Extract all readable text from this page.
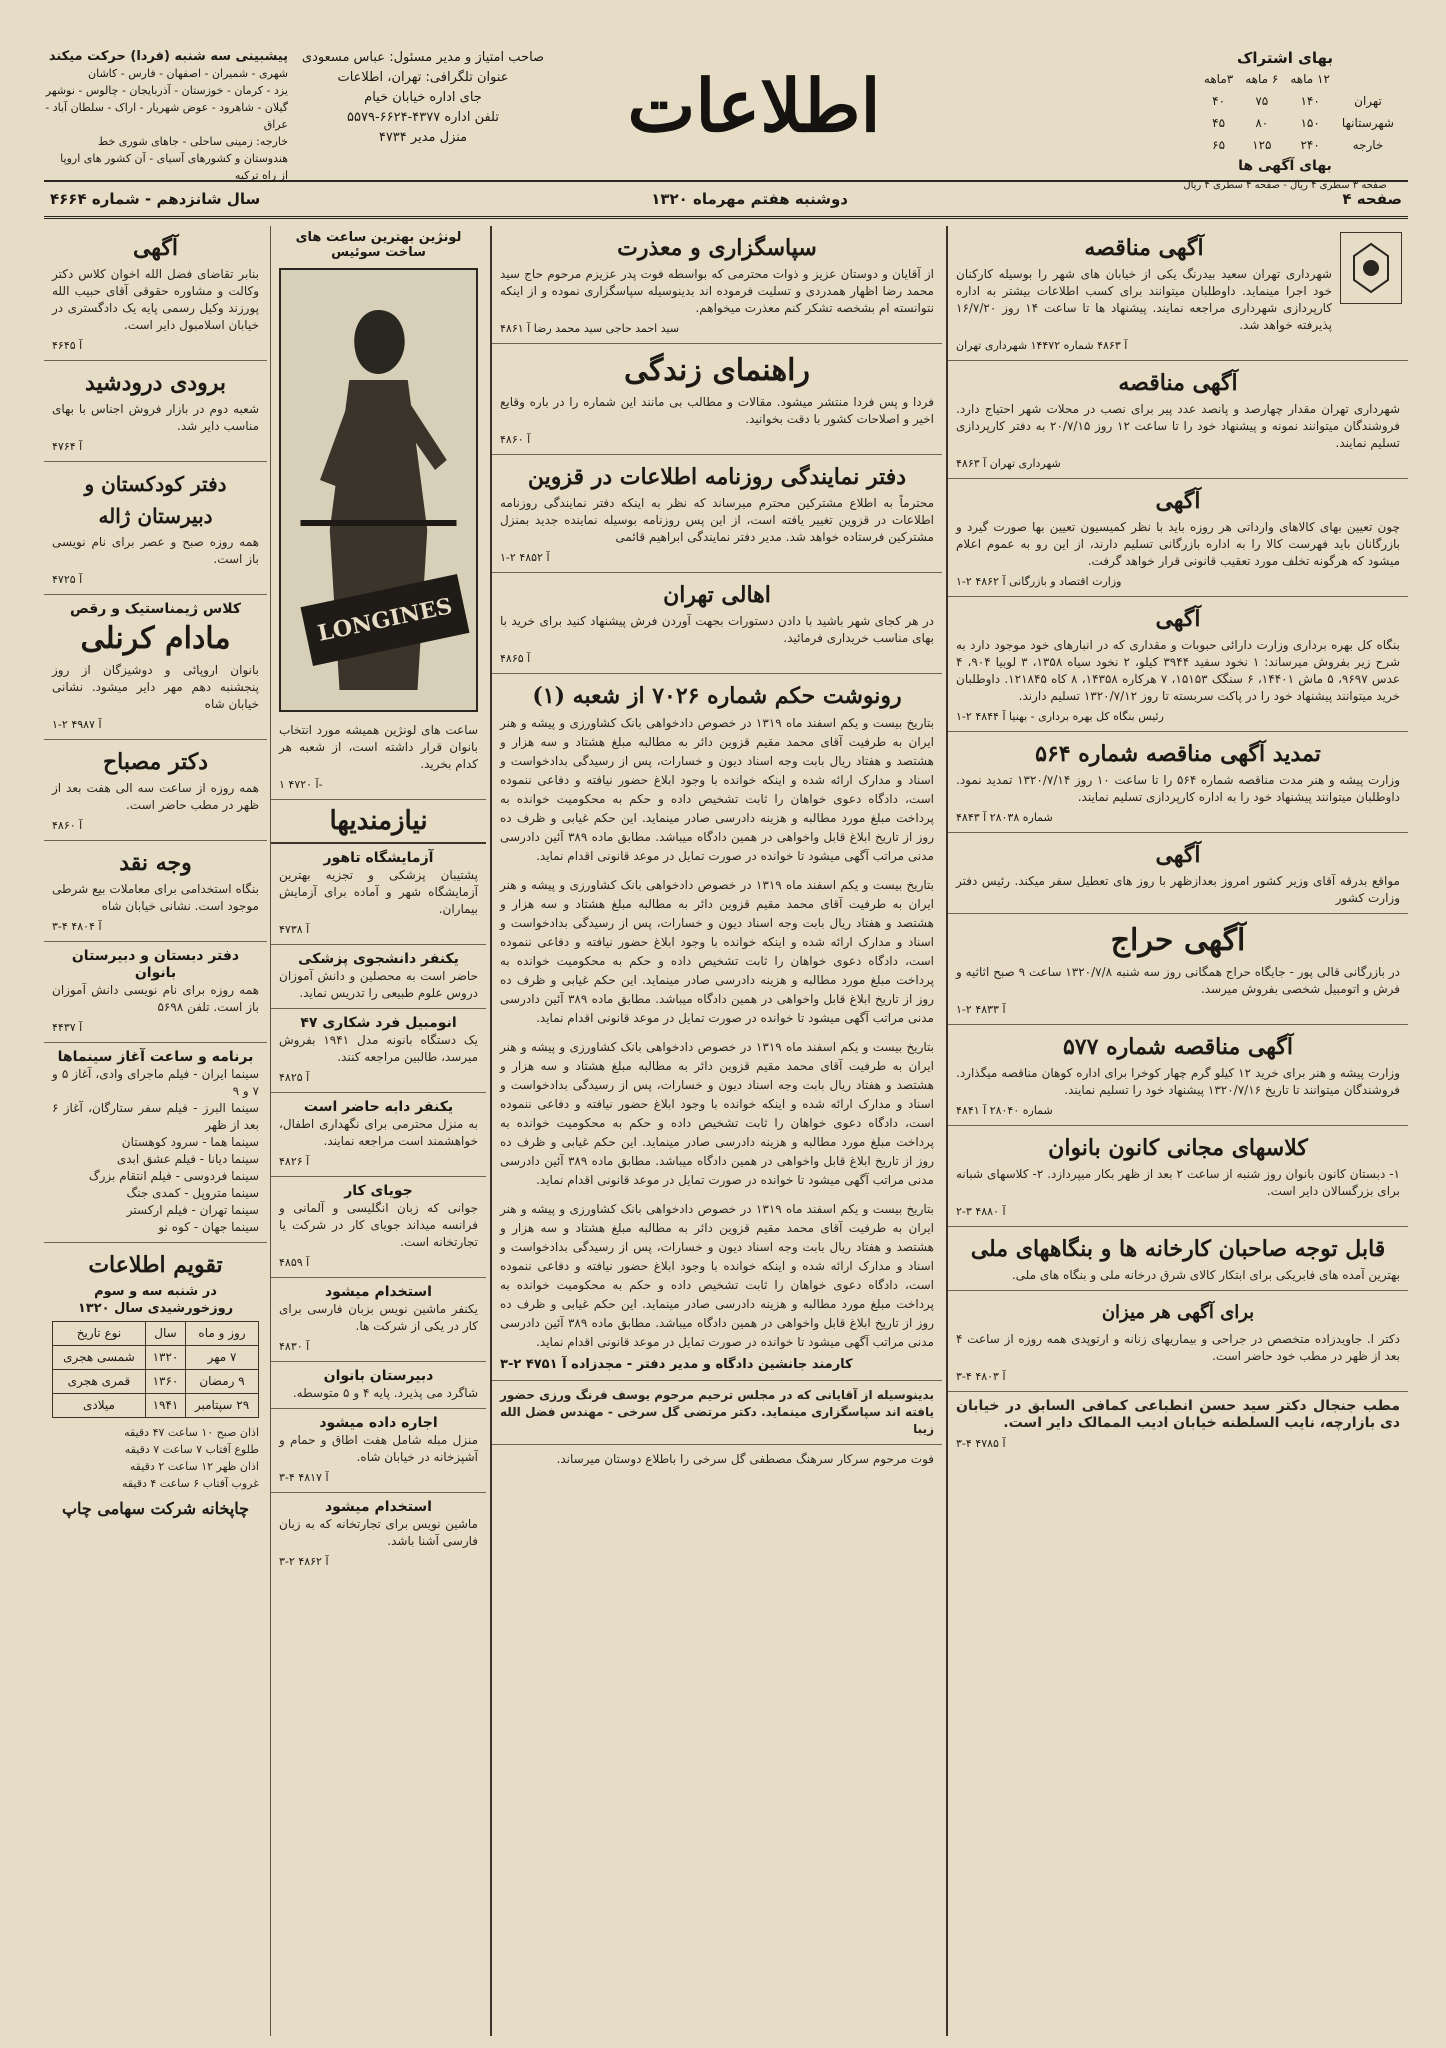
بهای اشتراک
	۱۲ ماهه	۶ ماهه	۳ماهه
تهران	۱۴۰	۷۵	۴۰
شهرستانها	۱۵۰	۸۰	۴۵
خارجه	۲۴۰	۱۲۵	۶۵
بهای آگهی ها
صفحه ۳ سطری ۴ ریال - صفحه ۴ سطری ۴ ریال
اطلاعات
صاحب امتیاز و مدیر مسئول: عباس مسعودی
عنوان تلگرافی: تهران، اطلاعات
جای اداره خیابان خیام
تلفن اداره ۴۳۷۷-۶۶۲۴-۵۵۷۹
منزل مدیر ۴۷۳۴
پیشبینی سه شنبه (فردا) حرکت میکند
شهری - شمیران - اصفهان - فارس - کاشان
یزد - کرمان - خوزستان - آذربایجان - چالوس - نوشهر
گیلان - شاهرود - عوض شهریار - اراک - سلطان آباد - عراق
خارجه: زمینی ساحلی - جاهای شوری خط
هندوستان و کشورهای آسیای - آن کشور های اروپا
از راه ترکیه
صفحه ۴
دوشنبه هفتم مهرماه ۱۳۲۰
سال شانزدهم - شماره ۴۶۶۴
آگهی مناقصه
شهرداری تهران سعید بیدرنگ یکی از خیابان های شهر را بوسیله کارکنان خود اجرا مینماید. داوطلبان میتوانند برای کسب اطلاعات بیشتر به اداره کارپردازی شهرداری مراجعه نمایند. پیشنهاد ها تا ساعت ۱۴ روز ۱۶/۷/۲۰ پذیرفته خواهد شد.
آ ۴۸۶۳ شماره ۱۴۴۷۲ شهرداری تهران
آگهی مناقصه
شهرداری تهران مقدار چهارصد و پانصد عدد پیر برای نصب در محلات شهر احتیاج دارد. فروشندگان میتوانند نمونه و پیشنهاد خود را تا ساعت ۱۲ روز ۲۰/۷/۱۵ به دفتر کارپردازی تسلیم نمایند.
شهرداری تهران آ ۴۸۶۳
آگهی
چون تعیین بهای کالاهای وارداتی هر روزه باید با نظر کمیسیون تعیین بها صورت گیرد و بازرگانان باید فهرست کالا را به اداره بازرگانی تسلیم دارند، از این رو به عموم اعلام میشود که هرگونه تخلف مورد تعقیب قانونی قرار خواهد گرفت.
وزارت اقتصاد و بازرگانی آ ۴۸۶۲ ۲-۱
آگهی
بنگاه کل بهره برداری وزارت دارائی حبوبات و مقداری که در انبارهای خود موجود دارد به شرح زیر بفروش میرساند: ۱ نخود سفید ۳۹۴۴ کیلو، ۲ نخود سیاه ۱۳۵۸، ۳ لوبیا ۹۰۴، ۴ عدس ۹۶۹۷، ۵ ماش ۱۴۴۰۱، ۶ سنگک ۱۵۱۵۳، ۷ هرکاره ۱۴۳۵۸، ۸ کاه ۱۲۱۸۴۵. داوطلبان خرید میتوانند پیشنهاد خود را در پاکت سربسته تا روز ۱۳۲۰/۷/۱۲ تسلیم دارند.
رئیس بنگاه کل بهره برداری - بهنیا آ ۴۸۴۴ ۲-۱
تمدید آگهی مناقصه شماره ۵۶۴
وزارت پیشه و هنر مدت مناقصه شماره ۵۶۴ را تا ساعت ۱۰ روز ۱۳۲۰/۷/۱۴ تمدید نمود. داوطلبان میتوانند پیشنهاد خود را به اداره کارپردازی تسلیم نمایند.
شماره ۲۸۰۳۸ آ ۴۸۴۳
آگهی
مواقع بدرقه آقای وزیر کشور امروز بعدازظهر با روز های تعطیل سفر میکند. رئیس دفتر وزارت کشور
آگهی حراج
در بازرگانی قالی پور - جایگاه حراج همگانی روز سه شنبه ۱۳۲۰/۷/۸ ساعت ۹ صبح اثاثیه و فرش و اتومبیل شخصی بفروش میرسد.
آ ۴۸۳۳ ۲-۱
آگهی مناقصه شماره ۵۷۷
وزارت پیشه و هنر برای خرید ۱۲ کیلو گرم چهار کوخرا برای اداره کوهان مناقصه میگذارد. فروشندگان میتوانند تا تاریخ ۱۳۲۰/۷/۱۶ پیشنهاد خود را تسلیم نمایند.
شماره ۲۸۰۴۰ آ ۴۸۴۱
کلاسهای مجانی کانون بانوان
۱- دبستان کانون بانوان روز شنبه از ساعت ۲ بعد از ظهر بکار میپردازد. ۲- کلاسهای شبانه برای بزرگسالان دایر است.
آ ۴۸۸۰ ۳-۲
قابل توجه صاحبان کارخانه ها و بنگاههای ملی
بهترین آمده های فابریکی برای ابتکار کالای شرق درخانه ملی و بنگاه های ملی.
برای آگهی هر میزان
دکتر ا. جاویدزاده متخصص در جراحی و بیماریهای زنانه و ارتوپدی همه روزه از ساعت ۴ بعد از ظهر در مطب خود حاضر است.
آ ۴۸۰۳ ۴-۳
مطب جنجال دکتر سید حسن انطباعی کمافی السابق در خیابان دی بازارچه، نایب السلطنه خیابان ادیب الممالک دایر است.
آ ۴۷۸۵ ۴-۳
سپاسگزاری و معذرت
از آقایان و دوستان عزیز و ذوات محترمی که بواسطه فوت پدر عزیزم مرحوم حاج سید محمد رضا اظهار همدردی و تسلیت فرموده اند بدینوسیله سپاسگزاری نموده و از اینکه نتوانسته ام بشخصه تشکر کنم معذرت میخواهم.
سید احمد حاجی سید محمد رضا آ ۴۸۶۱
راهنمای زندگی
فردا و پس فردا منتشر میشود. مقالات و مطالب بی مانند این شماره را در باره وقایع اخیر و اصلاحات کشور با دقت بخوانید.
آ ۴۸۶۰
دفتر نمایندگی روزنامه اطلاعات در قزوین
محترماً به اطلاع مشترکین محترم میرساند که نظر به اینکه دفتر نمایندگی روزنامه اطلاعات در قزوین تغییر یافته است، از این پس روزنامه بوسیله نماینده جدید بمنزل مشترکین فرستاده خواهد شد. مدیر دفتر نمایندگی ابراهیم قائمی
آ ۴۸۵۲ ۲-۱
اهالی تهران
در هر کجای شهر باشید با دادن دستورات بجهت آوردن فرش پیشنهاد کنید برای خرید با بهای مناسب خریداری فرمائید.
آ ۴۸۶۵
رونوشت حکم شماره ۷۰۲۶ از شعبه (۱)
بتاریخ بیست و یکم اسفند ماه ۱۳۱۹ در خصوص دادخواهی بانک کشاورزی و پیشه و هنر ایران به طرفیت آقای محمد مقیم قزوین دائر به مطالبه مبلغ هشتاد و سه هزار و هشتصد و هفتاد ریال بابت وجه اسناد دیون و خسارات، پس از رسیدگی بدادخواست و اسناد و مدارک ارائه شده و اینکه خوانده با وجود ابلاغ حضور نیافته و دفاعی ننموده است، دادگاه دعوی خواهان را ثابت تشخیص داده و حکم به محکومیت خوانده به پرداخت مبلغ مورد مطالبه و هزینه دادرسی صادر مینماید. این حکم غیابی و ظرف ده روز از تاریخ ابلاغ قابل واخواهی در همین دادگاه میباشد. مطابق ماده ۳۸۹ آئین دادرسی مدنی مراتب آگهی میشود تا خوانده در صورت تمایل در موعد قانونی اقدام نماید.
بتاریخ بیست و یکم اسفند ماه ۱۳۱۹ در خصوص دادخواهی بانک کشاورزی و پیشه و هنر ایران به طرفیت آقای محمد مقیم قزوین دائر به مطالبه مبلغ هشتاد و سه هزار و هشتصد و هفتاد ریال بابت وجه اسناد دیون و خسارات، پس از رسیدگی بدادخواست و اسناد و مدارک ارائه شده و اینکه خوانده با وجود ابلاغ حضور نیافته و دفاعی ننموده است، دادگاه دعوی خواهان را ثابت تشخیص داده و حکم به محکومیت خوانده به پرداخت مبلغ مورد مطالبه و هزینه دادرسی صادر مینماید. این حکم غیابی و ظرف ده روز از تاریخ ابلاغ قابل واخواهی در همین دادگاه میباشد. مطابق ماده ۳۸۹ آئین دادرسی مدنی مراتب آگهی میشود تا خوانده در صورت تمایل در موعد قانونی اقدام نماید.
بتاریخ بیست و یکم اسفند ماه ۱۳۱۹ در خصوص دادخواهی بانک کشاورزی و پیشه و هنر ایران به طرفیت آقای محمد مقیم قزوین دائر به مطالبه مبلغ هشتاد و سه هزار و هشتصد و هفتاد ریال بابت وجه اسناد دیون و خسارات، پس از رسیدگی بدادخواست و اسناد و مدارک ارائه شده و اینکه خوانده با وجود ابلاغ حضور نیافته و دفاعی ننموده است، دادگاه دعوی خواهان را ثابت تشخیص داده و حکم به محکومیت خوانده به پرداخت مبلغ مورد مطالبه و هزینه دادرسی صادر مینماید. این حکم غیابی و ظرف ده روز از تاریخ ابلاغ قابل واخواهی در همین دادگاه میباشد. مطابق ماده ۳۸۹ آئین دادرسی مدنی مراتب آگهی میشود تا خوانده در صورت تمایل در موعد قانونی اقدام نماید.
بتاریخ بیست و یکم اسفند ماه ۱۳۱۹ در خصوص دادخواهی بانک کشاورزی و پیشه و هنر ایران به طرفیت آقای محمد مقیم قزوین دائر به مطالبه مبلغ هشتاد و سه هزار و هشتصد و هفتاد ریال بابت وجه اسناد دیون و خسارات، پس از رسیدگی بدادخواست و اسناد و مدارک ارائه شده و اینکه خوانده با وجود ابلاغ حضور نیافته و دفاعی ننموده است، دادگاه دعوی خواهان را ثابت تشخیص داده و حکم به محکومیت خوانده به پرداخت مبلغ مورد مطالبه و هزینه دادرسی صادر مینماید. این حکم غیابی و ظرف ده روز از تاریخ ابلاغ قابل واخواهی در همین دادگاه میباشد. مطابق ماده ۳۸۹ آئین دادرسی مدنی مراتب آگهی میشود تا خوانده در صورت تمایل در موعد قانونی اقدام نماید.
کارمند جانشین دادگاه و مدیر دفتر - مجدزاده آ ۴۷۵۱ ۲-۳
بدینوسیله از آقایانی که در مجلس ترحیم مرحوم یوسف فرنگ ورزی حضور یافته اند سپاسگزاری مینماید. دکتر مرتضی گل سرخی - مهندس فضل الله زیبا
فوت مرحوم سرکار سرهنگ مصطفی گل سرخی را باطلاع دوستان میرساند.
لونژین بهترین ساعت های ساخت سوئیس
LONGINES
ساعت های لونژین همیشه مورد انتخاب بانوان قرار داشته است، از شعبه هر کدام بخرید.
آ ۴۷۲۰ ۱-
نیازمندیها
آزمایشگاه تاهور
پشتیبان پزشکی و تجزیه بهترین آزمایشگاه شهر و آماده برای آزمایش بیماران.
آ ۴۷۳۸
یکنفر دانشجوی پزشکی
حاضر است به محصلین و دانش آموزان دروس علوم طبیعی را تدریس نماید.
انومبیل فرد شکاری ۴۷
یک دستگاه بانونه مدل ۱۹۴۱ بفروش میرسد، طالبین مراجعه کنند.
آ ۴۸۲۵
یکنفر دابه حاضر است
به منزل محترمی برای نگهداری اطفال، خواهشمند است مراجعه نمایند.
آ ۴۸۲۶
جویای کار
جوانی که زبان انگلیسی و آلمانی و فرانسه میداند جویای کار در شرکت یا تجارتخانه است.
آ ۴۸۵۹
استخدام میشود
یکنفر ماشین نویس بزبان فارسی برای کار در یکی از شرکت ها.
آ ۴۸۳۰
دبیرستان بانوان
شاگرد می پذیرد. پایه ۴ و ۵ متوسطه.
اجاره داده میشود
منزل مبله شامل هفت اطاق و حمام و آشپزخانه در خیابان شاه.
آ ۴۸۱۷ ۴-۳
استخدام میشود
ماشین نویس برای تجارتخانه که به زبان فارسی آشنا باشد.
آ ۴۸۶۲ ۲-۳
آگهی
بنابر تقاضای فضل الله اخوان کلاس دکتر وکالت و مشاوره حقوقی آقای حبیب الله پورزند وکیل رسمی پایه یک دادگستری در خیابان اسلامبول دایر است.
آ ۴۶۴۵
برودی درودشید
شعبه دوم در بازار فروش اجناس با بهای مناسب دایر شد.
آ ۴۷۶۴
دفتر کودکستان و دبیرستان ژاله
همه روزه صبح و عصر برای نام نویسی باز است.
آ ۴۷۲۵
کلاس ژیمناستیک و رقص
مادام کرنلی
بانوان اروپائی و دوشیزگان از روز پنجشنبه دهم مهر دایر میشود. نشانی خیابان شاه
آ ۴۹۸۷ ۲-۱
دکتر مصباح
همه روزه از ساعت سه الی هفت بعد از ظهر در مطب حاضر است.
آ ۴۸۶۰
وجه نقد
بنگاه استخدامی برای معاملات بیع شرطی موجود است. نشانی خیابان شاه
آ ۴۸۰۴ ۴-۳
دفتر دبستان و دبیرستان بانوان
همه روزه برای نام نویسی دانش آموزان باز است. تلفن ۵۶۹۸
آ ۴۴۳۷
برنامه و ساعت آغاز سینماها
سینما ایران - فیلم ماجرای وادی، آغاز ۵ و ۷ و ۹
سینما البرز - فیلم سفر ستارگان، آغاز ۶ بعد از ظهر
سینما هما - سرود کوهستان
سینما دیانا - فیلم عشق ابدی
سینما فردوسی - فیلم انتقام بزرگ
سینما متروپل - کمدی جنگ
سینما تهران - فیلم ارکستر
سینما جهان - کوه نو
تقویم اطلاعات
در شنبه سه و سوم روزخورشیدی سال ۱۳۲۰
روز و ماه	سال	نوع تاریخ
۷ مهر	۱۳۲۰	شمسی هجری
۹ رمضان	۱۳۶۰	قمری هجری
۲۹ سپتامبر	۱۹۴۱	میلادی
اذان صبح ۱۰ ساعت ۴۷ دقیقه
طلوع آفتاب ۷ ساعت ۷ دقیقه
اذان ظهر ۱۲ ساعت ۲ دقیقه
غروب آفتاب ۶ ساعت ۴ دقیقه
چاپخانه شرکت سهامی چاپ
